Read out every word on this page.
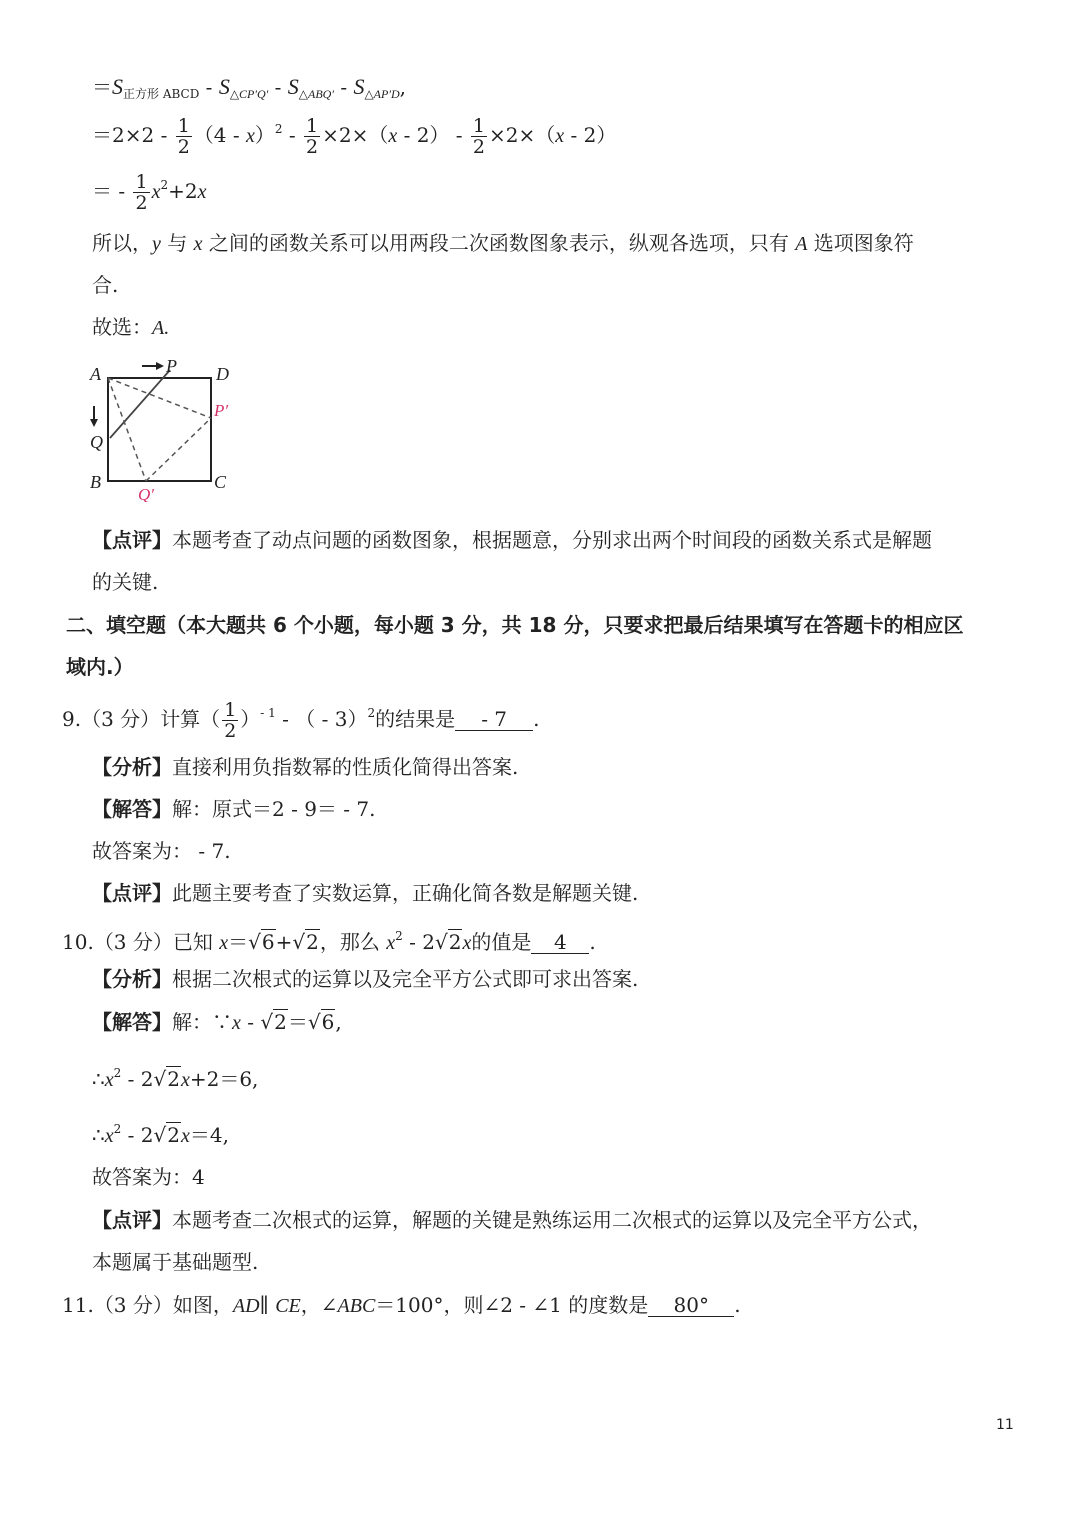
$=S_{正方形 ABCD} - S_{\triangle CP'Q'} - S_{\triangle ABQ'} - S_{\triangle AP'D}$,
$=2\times 2 - \frac{1}{2} (4 - x)^2 - \frac{1}{2} \times 2\times(x - 2) - \frac{1}{2} \times 2\times(x - 2)$
＝ - $\frac{1}{2} x^2+2x$
所以，y 与 x 之间的函数关系可以用两段二次函数图象表示，纵观各选项，只有 A 选项图象符
合.
故选：A.
A	P D
P′
Q
B
Q′
C
【点评】本题考查了动点问题的函数图象，根据题意，分别求出两个时间段的函数关系式是解题
的关键.
二、填空题（本大题共 6 个小题，每小题 3 分，共 18 分，只要求把最后结果填写在答题卡的相应区
域内.）
9.（3 分）计算（ $\frac{1}{2} )^{- 1}$ - （ - 3）$^2$的结果是 - 7 .
【分析】直接利用负指数幂的性质化简得出答案.
【解答】解：原式＝2 - 9＝ - 7.
故答案为： - 7.
【点评】此题主要考查了实数运算，正确化简各数是解题关键.
10.（3 分）已知 x＝√6+√2，那么 $x^2 - 2√2x$的值是 4 .
【分析】根据二次根式的运算以及完全平方公式即可求出答案.
【解答】解：∵x - √2＝√6,
$\therefore x^2 - 2√2x+2=6$,
$\therefore x^2 - 2√2x=4$,
故答案为：4
【点评】本题考查二次根式的运算，解题的关键是熟练运用二次根式的运算以及完全平方公式，
本题属于基础题型.
11.（3 分）如图，AD∥ CE，∠ABC＝100°，则∠2 - ∠1 的度数是 80° .
11
